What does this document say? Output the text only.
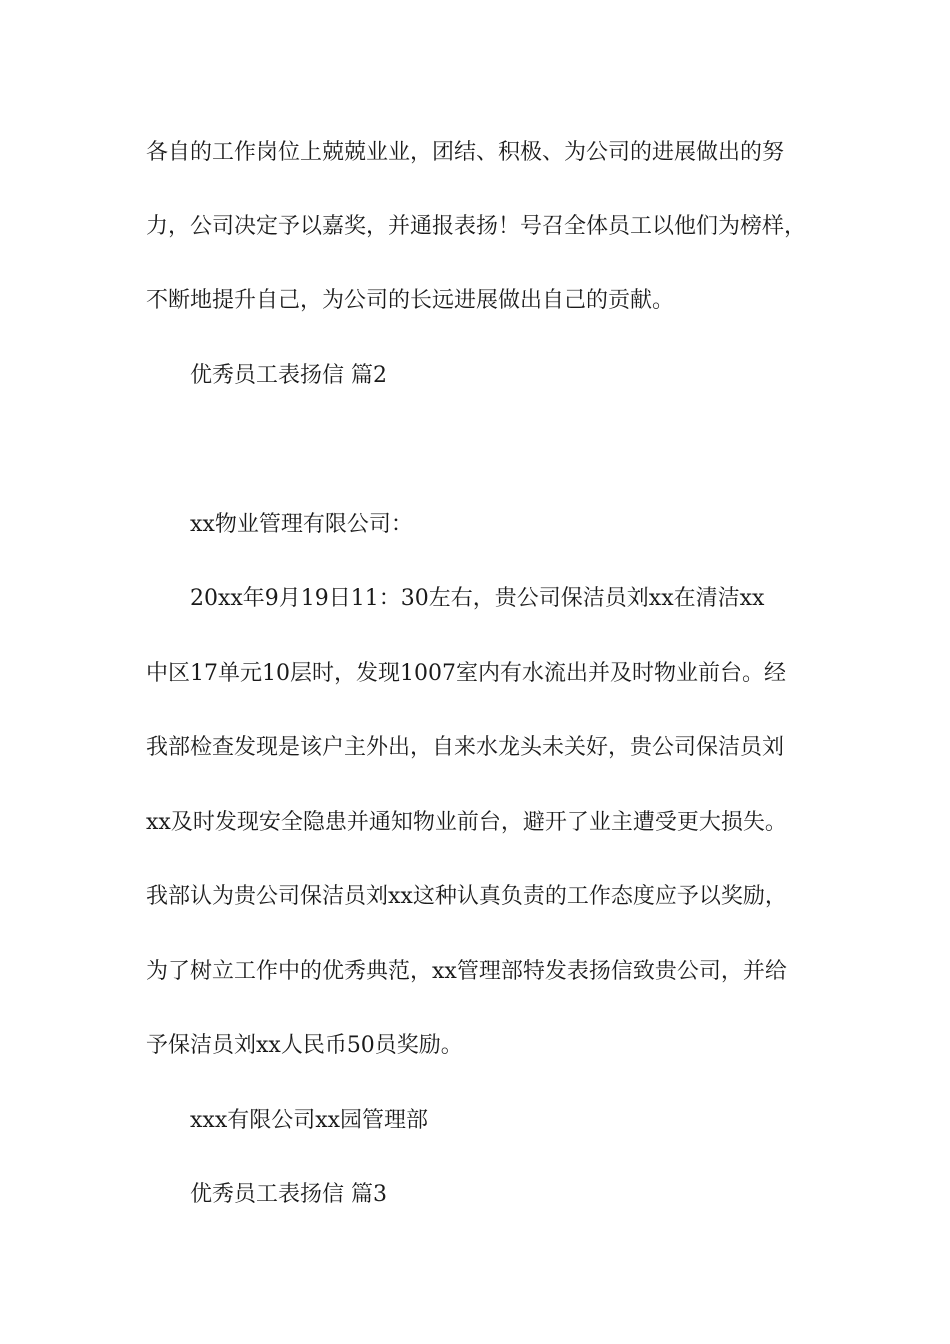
各自的工作岗位上兢兢业业，团结、积极、为公司的进展做出的努

力，公司决定予以嘉奖，并通报表扬！号召全体员工以他们为榜样，

不断地提升自己，为公司的长远进展做出自己的贡献。

优秀员工表扬信 篇2

xx物业管理有限公司：

20xx年9月19日11：30左右，贵公司保洁员刘xx在清洁xx

中区17单元10层时，发现1007室内有水流出并及时物业前台。经

我部检查发现是该户主外出，自来水龙头未关好，贵公司保洁员刘

xx及时发现安全隐患并通知物业前台，避开了业主遭受更大损失。

我部认为贵公司保洁员刘xx这种认真负责的工作态度应予以奖励，

为了树立工作中的优秀典范，xx管理部特发表扬信致贵公司，并给

予保洁员刘xx人民币50员奖励。

xxx有限公司xx园管理部

优秀员工表扬信 篇3
